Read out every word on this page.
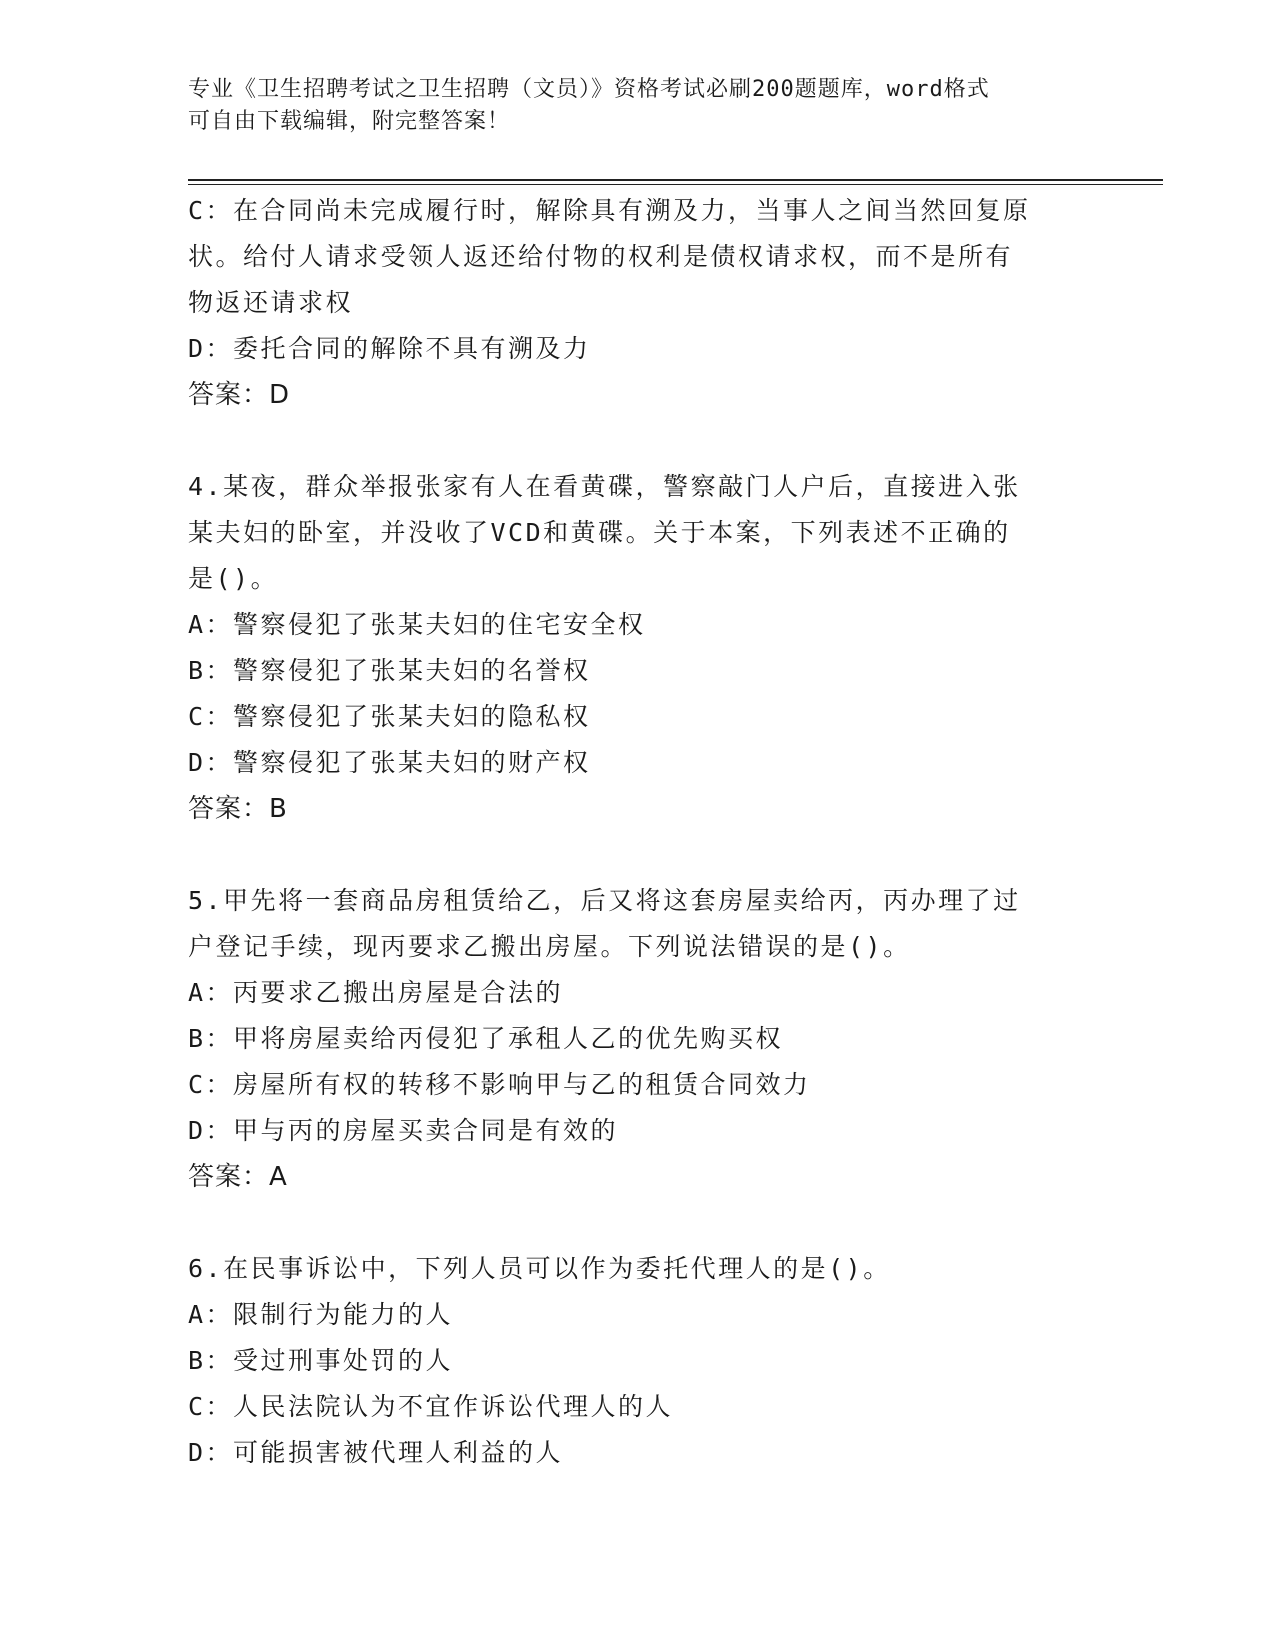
专业《卫生招聘考试之卫生招聘（文员）》资格考试必刷200题题库，word格式
可自由下载编辑，附完整答案！
C：在合同尚未完成履行时，解除具有溯及力，当事人之间当然回复原
状。给付人请求受领人返还给付物的权利是债权请求权，而不是所有
物返还请求权
D：委托合同的解除不具有溯及力
答案：D
4.某夜，群众举报张家有人在看黄碟，警察敲门人户后，直接进入张
某夫妇的卧室，并没收了VCD和黄碟。关于本案，下列表述不正确的
是()。
A：警察侵犯了张某夫妇的住宅安全权
B：警察侵犯了张某夫妇的名誉权
C：警察侵犯了张某夫妇的隐私权
D：警察侵犯了张某夫妇的财产权
答案：B
5.甲先将一套商品房租赁给乙，后又将这套房屋卖给丙，丙办理了过
户登记手续，现丙要求乙搬出房屋。下列说法错误的是()。
A：丙要求乙搬出房屋是合法的
B：甲将房屋卖给丙侵犯了承租人乙的优先购买权
C：房屋所有权的转移不影响甲与乙的租赁合同效力
D：甲与丙的房屋买卖合同是有效的
答案：A
6.在民事诉讼中，下列人员可以作为委托代理人的是()。
A：限制行为能力的人
B：受过刑事处罚的人
C：人民法院认为不宜作诉讼代理人的人
D：可能损害被代理人利益的人
